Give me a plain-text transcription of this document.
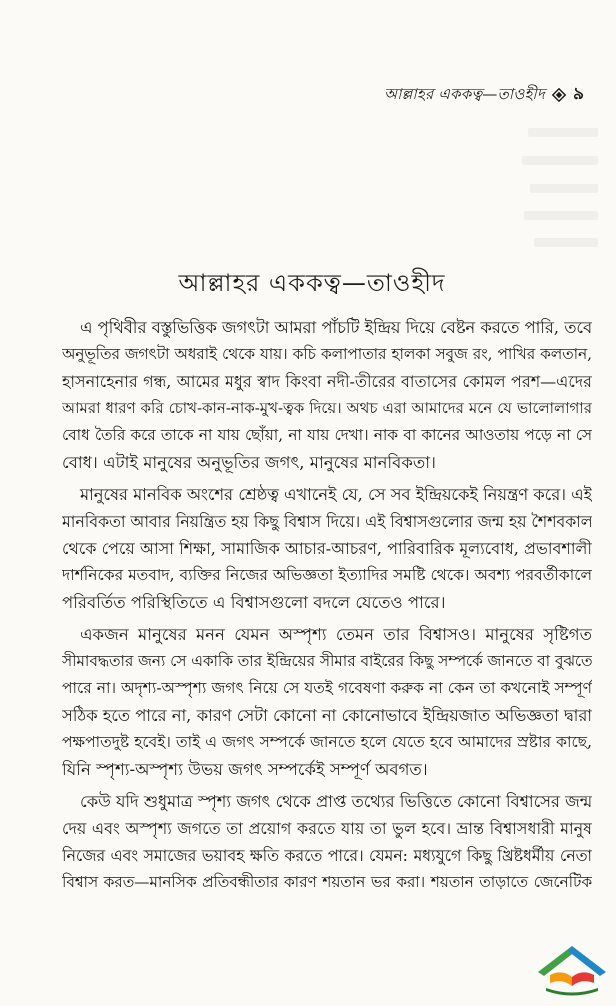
আল্লাহর এককত্ব—তাওহীদ ৯
আল্লাহর এককত্ব—তাওহীদ
এ পৃথিবীর বস্তুভিত্তিক জগৎটা আমরা পাঁচটি ইন্দ্রিয় দিয়ে বেষ্টন করতে পারি, তবে
অনুভূতির জগৎটা অধরাই থেকে যায়। কচি কলাপাতার হালকা সবুজ রং, পাখির কলতান,
হাসনাহেনার গন্ধ, আমের মধুর স্বাদ কিংবা নদী-তীরের বাতাসের কোমল পরশ—এদের
আমরা ধারণ করি চোখ-কান-নাক-মুখ-ত্বক দিয়ে। অথচ এরা আমাদের মনে যে ভালোলাগার
বোধ তৈরি করে তাকে না যায় ছোঁয়া, না যায় দেখা। নাক বা কানের আওতায় পড়ে না সে
বোধ। এটাই মানুষের অনুভূতির জগৎ, মানুষের মানবিকতা।
মানুষের মানবিক অংশের শ্রেষ্ঠত্ব এখানেই যে, সে সব ইন্দ্রিয়কেই নিয়ন্ত্রণ করে। এই
মানবিকতা আবার নিয়ন্ত্রিত হয় কিছু বিশ্বাস দিয়ে। এই বিশ্বাসগুলোর জন্ম হয় শৈশবকাল
থেকে পেয়ে আসা শিক্ষা, সামাজিক আচার-আচরণ, পারিবারিক মূল্যবোধ, প্রভাবশালী
দার্শনিকের মতবাদ, ব্যক্তির নিজের অভিজ্ঞতা ইত্যাদির সমষ্টি থেকে। অবশ্য পরবর্তীকালে
পরিবর্তিত পরিস্থিতিতে এ বিশ্বাসগুলো বদলে যেতেও পারে।
একজন মানুষের মনন যেমন অস্পৃশ্য তেমন তার বিশ্বাসও। মানুষের সৃষ্টিগত
সীমাবদ্ধতার জন্য সে একাকি তার ইন্দ্রিয়ের সীমার বাইরের কিছু সম্পর্কে জানতে বা বুঝতে
পারে না। অদৃশ্য-অস্পৃশ্য জগৎ নিয়ে সে যতই গবেষণা করুক না কেন তা কখনোই সম্পূর্ণ
সঠিক হতে পারে না, কারণ সেটা কোনো না কোনোভাবে ইন্দ্রিয়জাত অভিজ্ঞতা দ্বারা
পক্ষপাতদুষ্ট হবেই। তাই এ জগৎ সম্পর্কে জানতে হলে যেতে হবে আমাদের স্রষ্টার কাছে,
যিনি স্পৃশ্য-অস্পৃশ্য উভয় জগৎ সম্পর্কেই সম্পূর্ণ অবগত।
কেউ যদি শুধুমাত্র স্পৃশ্য জগৎ থেকে প্রাপ্ত তথ্যের ভিত্তিতে কোনো বিশ্বাসের জন্ম
দেয় এবং অস্পৃশ্য জগতে তা প্রয়োগ করতে যায় তা ভুল হবে। ভ্রান্ত বিশ্বাসধারী মানুষ
নিজের এবং সমাজের ভয়াবহ ক্ষতি করতে পারে। যেমন: মধ্যযুগে কিছু খ্রিষ্টধর্মীয় নেতা
বিশ্বাস করত—মানসিক প্রতিবন্ধীতার কারণ শয়তান ভর করা। শয়তান তাড়াতে জেনেটিক
